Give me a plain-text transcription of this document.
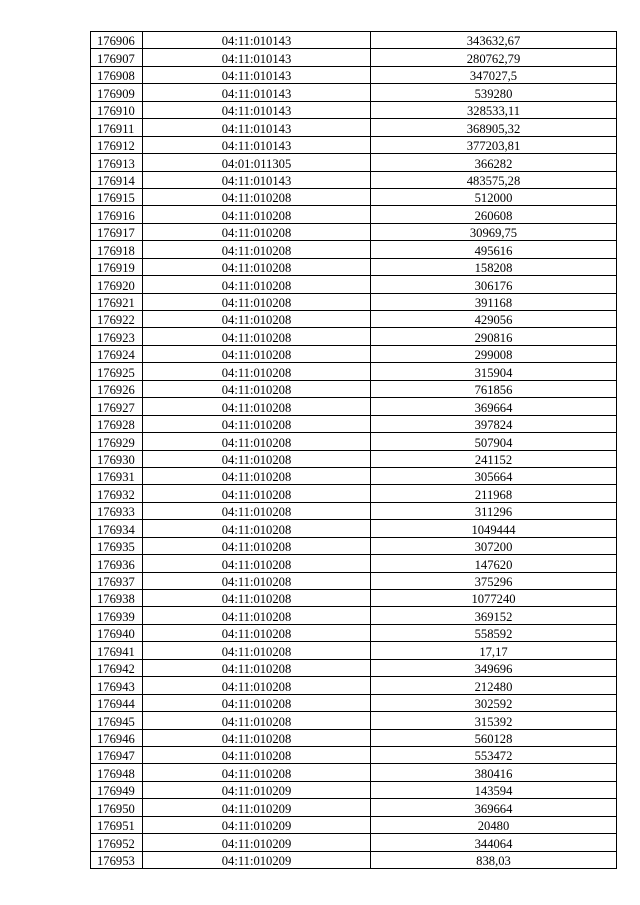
176906	04:11:010143	343632,67
176907	04:11:010143	280762,79
176908	04:11:010143	347027,5
176909	04:11:010143	539280
176910	04:11:010143	328533,11
176911	04:11:010143	368905,32
176912	04:11:010143	377203,81
176913	04:01:011305	366282
176914	04:11:010143	483575,28
176915	04:11:010208	512000
176916	04:11:010208	260608
176917	04:11:010208	30969,75
176918	04:11:010208	495616
176919	04:11:010208	158208
176920	04:11:010208	306176
176921	04:11:010208	391168
176922	04:11:010208	429056
176923	04:11:010208	290816
176924	04:11:010208	299008
176925	04:11:010208	315904
176926	04:11:010208	761856
176927	04:11:010208	369664
176928	04:11:010208	397824
176929	04:11:010208	507904
176930	04:11:010208	241152
176931	04:11:010208	305664
176932	04:11:010208	211968
176933	04:11:010208	311296
176934	04:11:010208	1049444
176935	04:11:010208	307200
176936	04:11:010208	147620
176937	04:11:010208	375296
176938	04:11:010208	1077240
176939	04:11:010208	369152
176940	04:11:010208	558592
176941	04:11:010208	17,17
176942	04:11:010208	349696
176943	04:11:010208	212480
176944	04:11:010208	302592
176945	04:11:010208	315392
176946	04:11:010208	560128
176947	04:11:010208	553472
176948	04:11:010208	380416
176949	04:11:010209	143594
176950	04:11:010209	369664
176951	04:11:010209	20480
176952	04:11:010209	344064
176953	04:11:010209	838,03
